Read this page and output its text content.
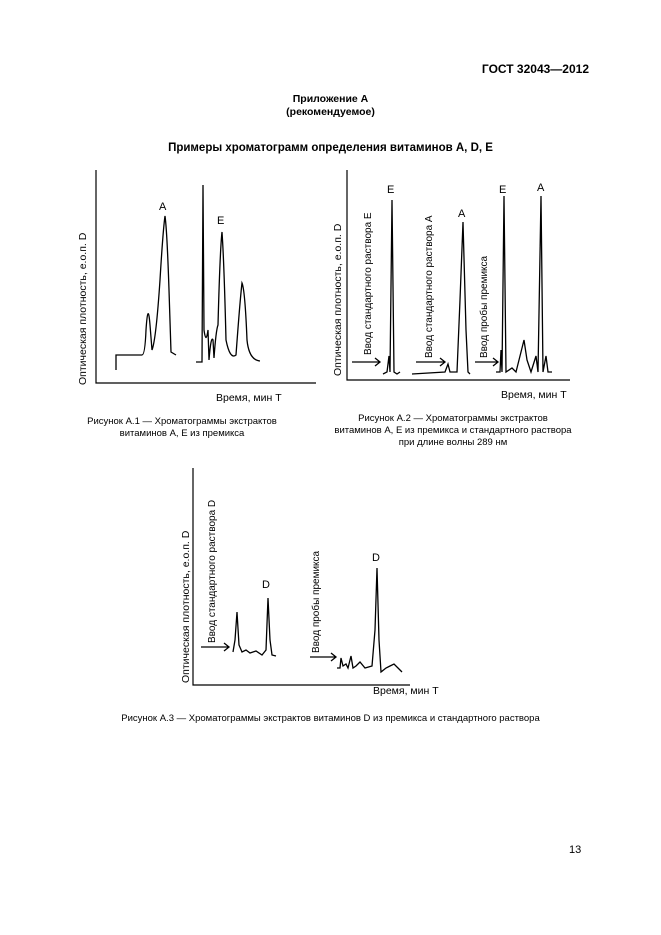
ГОСТ 32043—2012
Приложение А
(рекомендуемое)
Примеры хроматограмм определения витаминов А, D, Е
Оптическая плотность, е.о.п. D
Время, мин Т
A
E
Рисунок А.1 — Хроматограммы экстрактов
витаминов А, Е из премикса
Оптическая плотность, е.о.п. D
Время, мин Т
Ввод стандартного раствора Е	Ввод стандартного раствора А	Ввод пробы премикса
E
A
E	A
Рисунок А.2 — Хроматограммы экстрактов
витаминов А, Е из премикса и стандартного раствора
при длине волны 289 нм
Оптическая плотность, е.о.п. D
Время, мин Т
Ввод стандартного раствора D	Ввод пробы премикса
D
D
Рисунок А.3 — Хроматограммы экстрактов витаминов D из премикса и стандартного раствора
13
